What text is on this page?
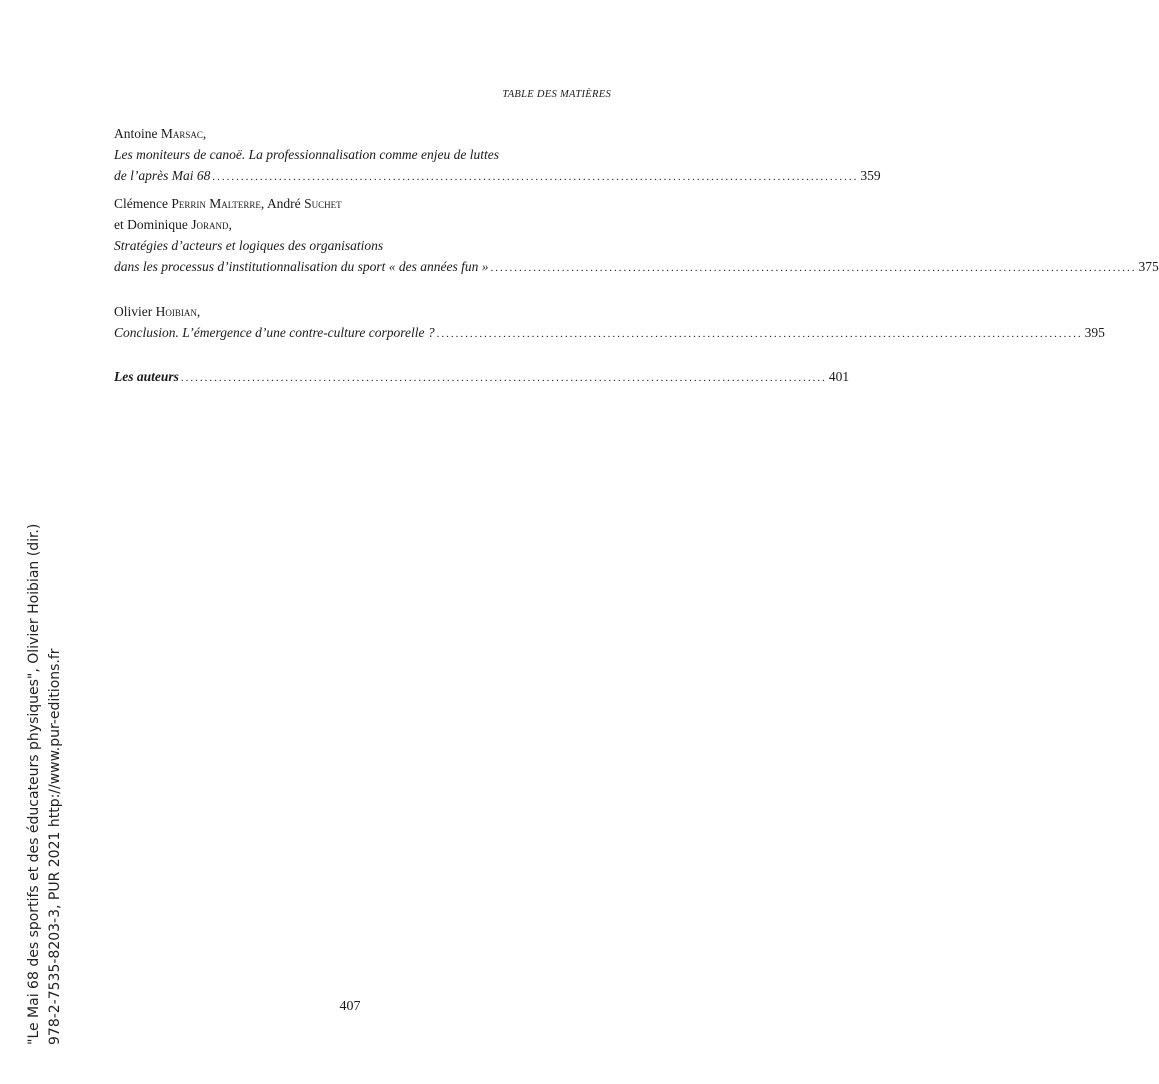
TABLE DES MATIÈRES
Antoine Marsac,
Les moniteurs de canoë. La professionnalisation comme enjeu de luttes
de l’après Mai 68 ........................................................................................................................................ 359
Clémence Perrin Malterre, André Suchet
et Dominique Jorand,
Stratégies d’acteurs et logiques des organisations
dans les processus d’institutionnalisation du sport « des années fun » ........................................................................................................................................ 375
Olivier Hoibian,
Conclusion. L’émergence d’une contre-culture corporelle ? ........................................................................................................................................ 395
Les auteurs ........................................................................................................................................ 401
407
"Le Mai 68 des sportifs et des éducateurs physiques", Olivier Hoibian (dir.) 978-2-7535-8203-3, PUR 2021 http://www.pur-editions.fr
